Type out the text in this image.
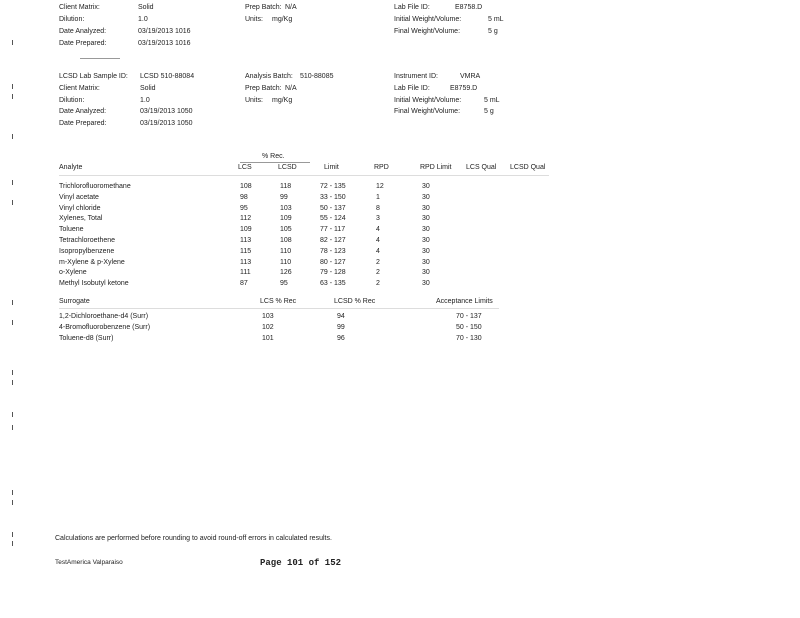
Client Matrix:	Solid
Dilution:	1.0
Date Analyzed:	03/19/2013 1016
Date Prepared:	03/19/2013 1016
Prep Batch: N/A
Units: mg/Kg
Lab File ID:	E8758.D
Initial Weight/Volume:	5 mL
Final Weight/Volume:	5 g
LCSD Lab Sample ID: LCSD 510-88084
Client Matrix:	Solid
Dilution:	1.0
Date Analyzed:	03/19/2013 1050
Date Prepared:	03/19/2013 1050
Analysis Batch: 510-88085
Prep Batch: N/A
Units: mg/Kg
Instrument ID:	VMRA
Lab File ID:	E8759.D
Initial Weight/Volume:	5 mL
Final Weight/Volume:	5 g
% Rec.
Analyte	LCS	LCSD	Limit	RPD	RPD Limit LCS Qual LCSD Qual
Trichlorofluoromethane	108	118	72 - 135	12	30
Vinyl acetate	98	99	33 - 150	1	30
Vinyl chloride	95	103	50 - 137	8	30
Xylenes, Total	112	109	55 - 124	3	30
Toluene	109	105	77 - 117	4	30
Tetrachloroethene	113	108	82 - 127	4	30
Isopropylbenzene	115	110	78 - 123	4	30
m-Xylene & p-Xylene	113	110	80 - 127	2	30
o-Xylene	111	126	79 - 128	2	30
Methyl Isobutyl ketone	87	95	63 - 135	2	30
Surrogate	LCS % Rec	LCSD % Rec	Acceptance Limits
1,2-Dichloroethane-d4 (Surr)	103	94	70 - 137
4-Bromofluorobenzene (Surr)	102	99	50 - 150
Toluene-d8 (Surr)	101	96	70 - 130
Calculations are performed before rounding to avoid round-off errors in calculated results.
TestAmerica Valparaiso	Page 101 of 152
